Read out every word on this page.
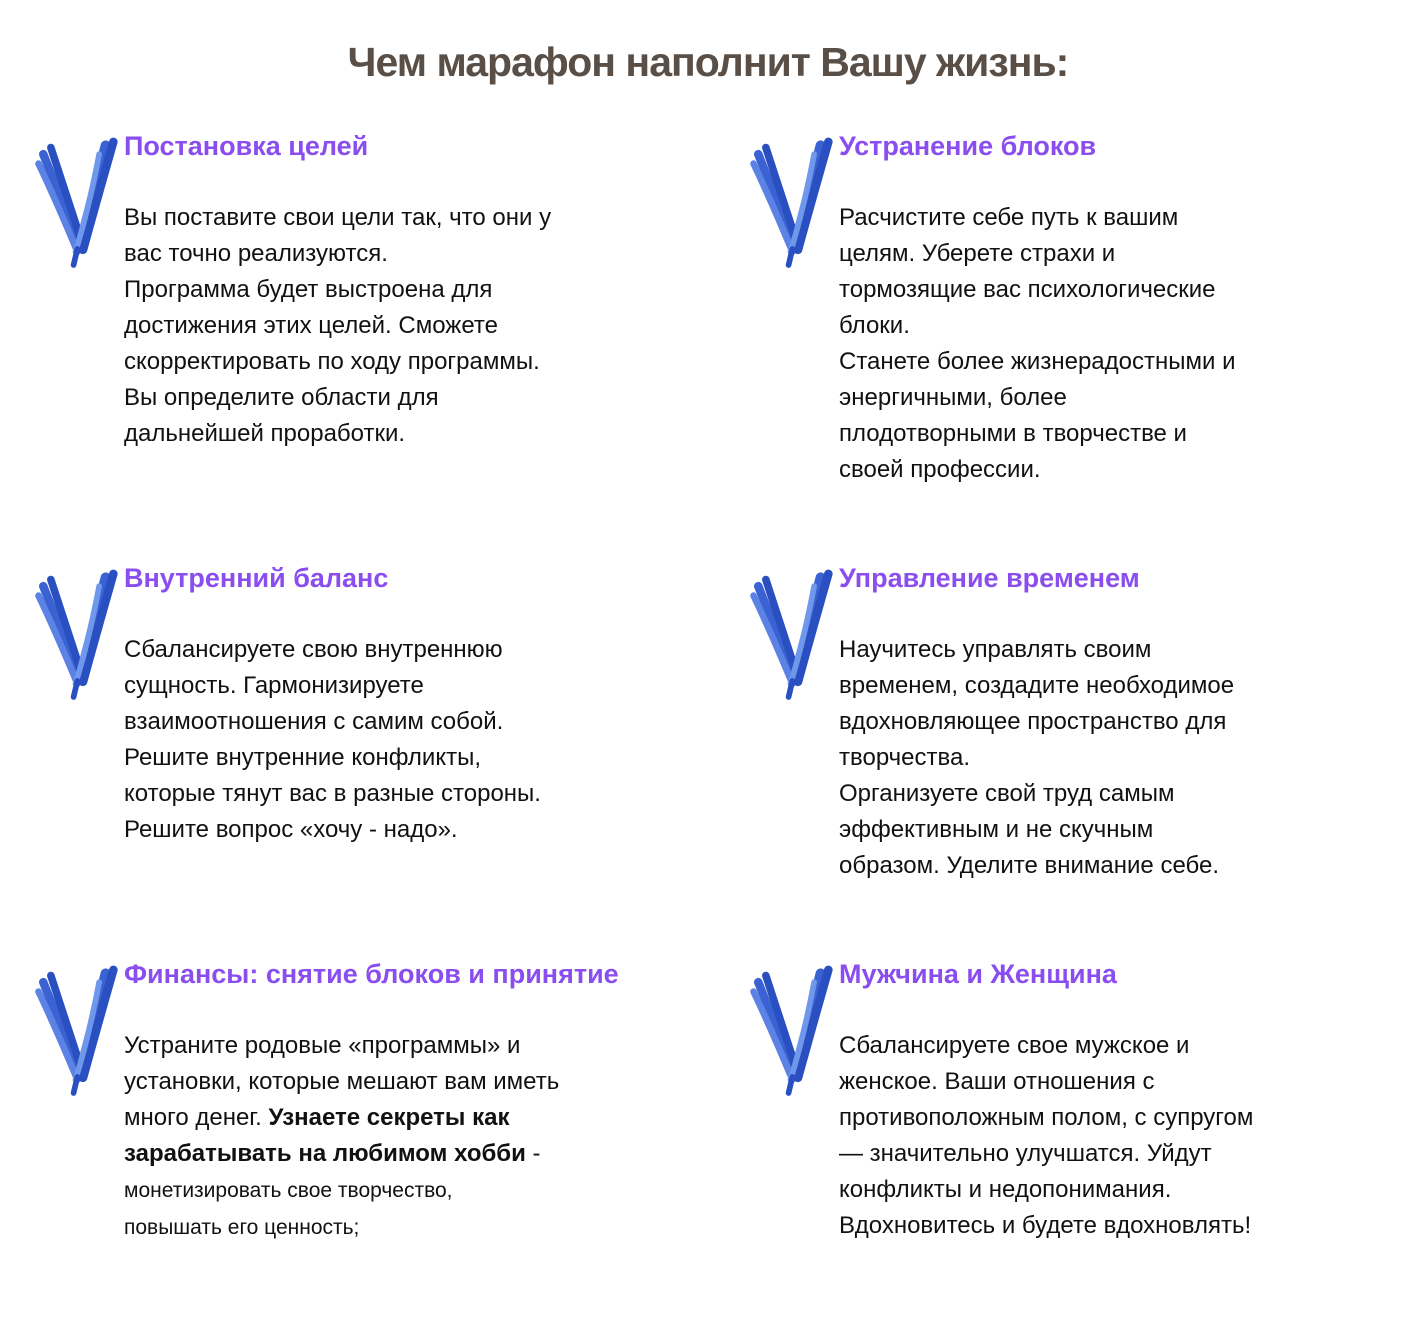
Чем марафон наполнит Вашу жизнь:
Постановка целей
Вы поставите свои цели так, что они у
вас точно реализуются.
Программа будет выстроена для
достижения этих целей. Сможете
скорректировать по ходу программы.
Вы определите области для
дальнейшей проработки.
Устранение блоков
Расчистите себе путь к вашим
целям. Уберете страхи и
тормозящие вас психологические
блоки.
Станете более жизнерадостными и
энергичными, более
плодотворными в творчестве и
своей профессии.
Внутренний баланс
Сбалансируете свою внутреннюю
сущность. Гармонизируете
взаимоотношения с самим собой.
Решите внутренние конфликты,
которые тянут вас в разные стороны.
Решите вопрос «хочу - надо».
Управление временем
Научитесь управлять своим
временем, создадите необходимое
вдохновляющее пространство для
творчества.
Организуете свой труд самым
эффективным и не скучным
образом. Уделите внимание себе.
Финансы: снятие блоков и принятие
Устраните родовые «программы» и
установки, которые мешают вам иметь
много денег. Узнаете секреты как
зарабатывать на любимом хобби -
монетизировать свое творчество,
повышать его ценность;
Мужчина и Женщина
Сбалансируете свое мужское и
женское. Ваши отношения с
противоположным полом, с супругом
— значительно улучшатся. Уйдут
конфликты и недопонимания.
Вдохновитесь и будете вдохновлять!
